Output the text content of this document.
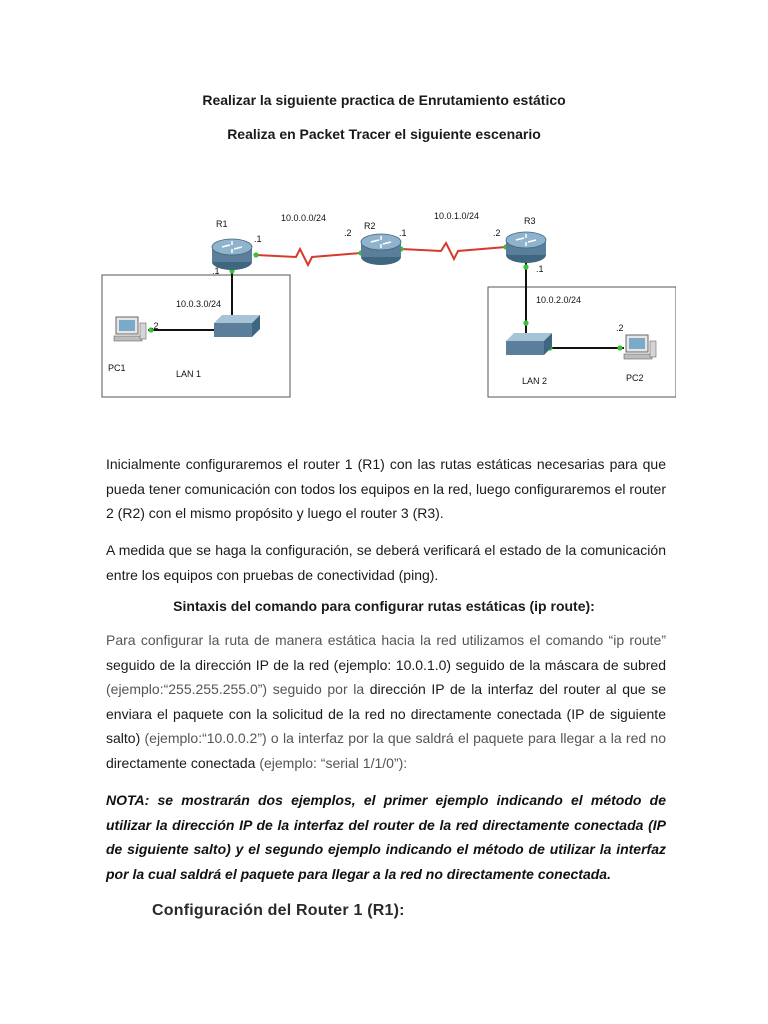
Realizar la siguiente practica de Enrutamiento estático
Realiza en Packet Tracer el siguiente escenario
R1	R2	R3
10.0.0.0/24	10.0.1.0/24
.1
.2	.1	.2
.1	.1
10.0.3.0/24	10.0.2.0/24
.2	.2
PC1
LAN 1
LAN 2	PC2
Inicialmente configuraremos el router 1 (R1) con las rutas estáticas necesarias para que pueda tener comunicación con todos los equipos en la red, luego configuraremos el router 2 (R2) con el mismo propósito y luego el router 3 (R3).
A medida que se haga la configuración, se deberá verificará el estado de la comunicación entre los equipos con pruebas de conectividad (ping).
Sintaxis del comando para configurar rutas estáticas (ip route):
Para configurar la ruta de manera estática hacia la red utilizamos el comando “ip route” seguido de la dirección IP de la red (ejemplo: 10.0.1.0) seguido de la máscara de subred (ejemplo:“255.255.255.0”) seguido por la dirección IP de la interfaz del router al que se enviara el paquete con la solicitud de la red no directamente conectada (IP de siguiente salto) (ejemplo:“10.0.0.2”) o la interfaz por la que saldrá el paquete para llegar a la red no directamente conectada (ejemplo: “serial 1/1/0”):
NOTA: se mostrarán dos ejemplos, el primer ejemplo indicando el método de utilizar la dirección IP de la interfaz del router de la red directamente conectada (IP de siguiente salto) y el segundo ejemplo indicando el método de utilizar la interfaz por la cual saldrá el paquete para llegar a la red no directamente conectada.
Configuración del Router 1 (R1):
